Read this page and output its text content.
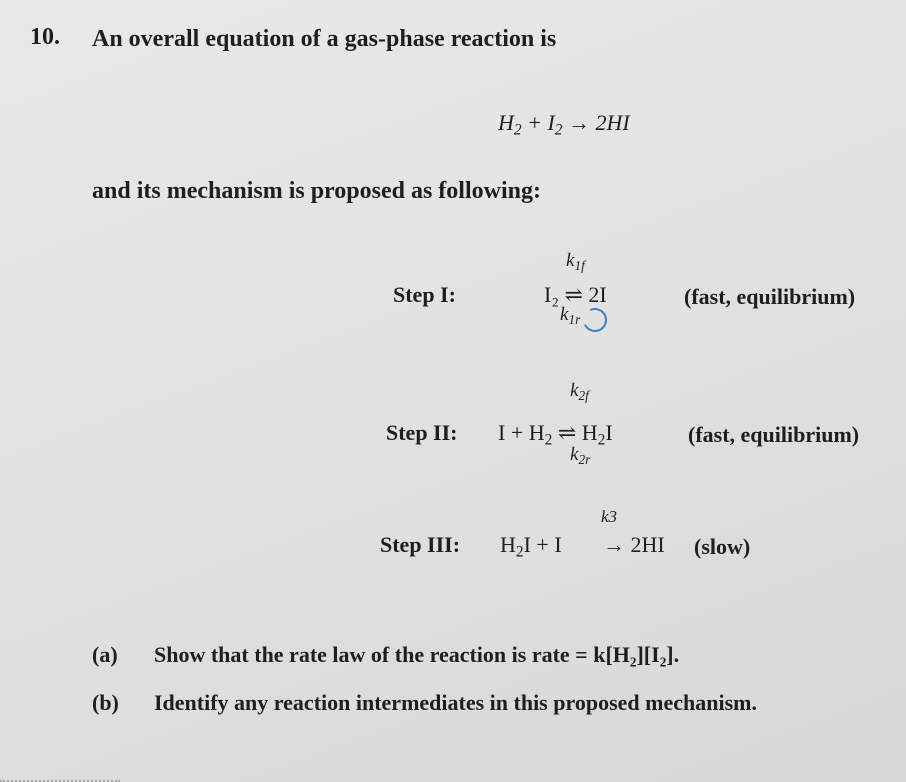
10. An overall equation of a gas-phase reaction is
$H_2 + I_2 \to 2HI$
and its mechanism is proposed as following:
Step I:
$k_{1f}$
I₂ ⇌ 2I
$k_{1r}$
(fast, equilibrium)
$k_{2f}$
Step II: $I + H_2$ ⇌ $H_2I$
$k_{2r}$
(fast, equilibrium)
k3
Step III: $H_2I + I \to 2HI$ (slow)
(a) Show that the rate law of the reaction is rate = k[H₂][I₂].
(b) Identify any reaction intermediates in this proposed mechanism.
